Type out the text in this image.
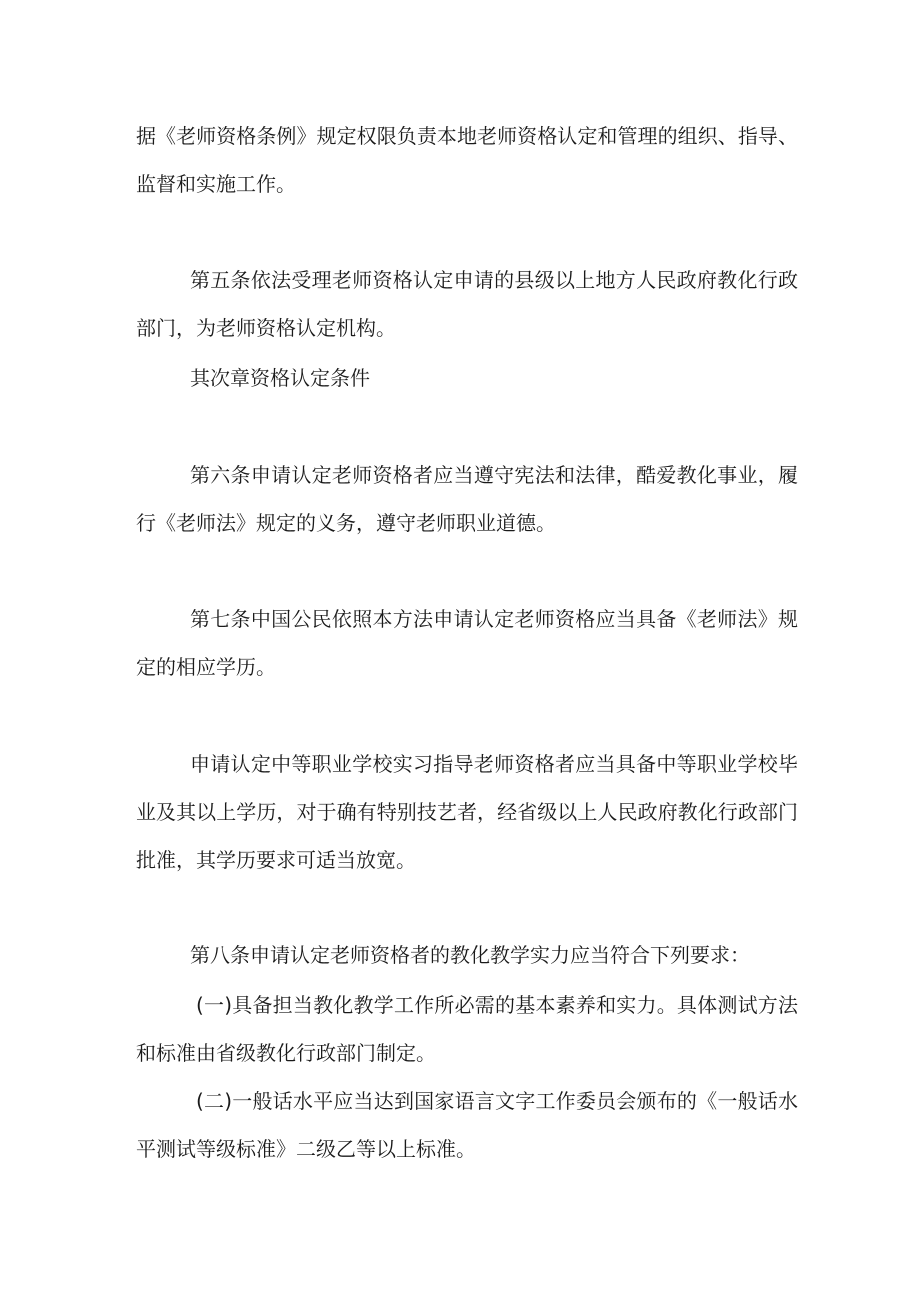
据《老师资格条例》规定权限负责本地老师资格认定和管理的组织、指导、监督和实施工作。

第五条依法受理老师资格认定申请的县级以上地方人民政府教化行政部门，为老师资格认定机构。

其次章资格认定条件

第六条申请认定老师资格者应当遵守宪法和法律，酷爱教化事业，履行《老师法》规定的义务，遵守老师职业道德。

第七条中国公民依照本方法申请认定老师资格应当具备《老师法》规定的相应学历。

申请认定中等职业学校实习指导老师资格者应当具备中等职业学校毕业及其以上学历，对于确有特别技艺者，经省级以上人民政府教化行政部门批准，其学历要求可适当放宽。

第八条申请认定老师资格者的教化教学实力应当符合下列要求：

(一)具备担当教化教学工作所必需的基本素养和实力。具体测试方法和标准由省级教化行政部门制定。

(二)一般话水平应当达到国家语言文字工作委员会颁布的《一般话水平测试等级标准》二级乙等以上标准。
